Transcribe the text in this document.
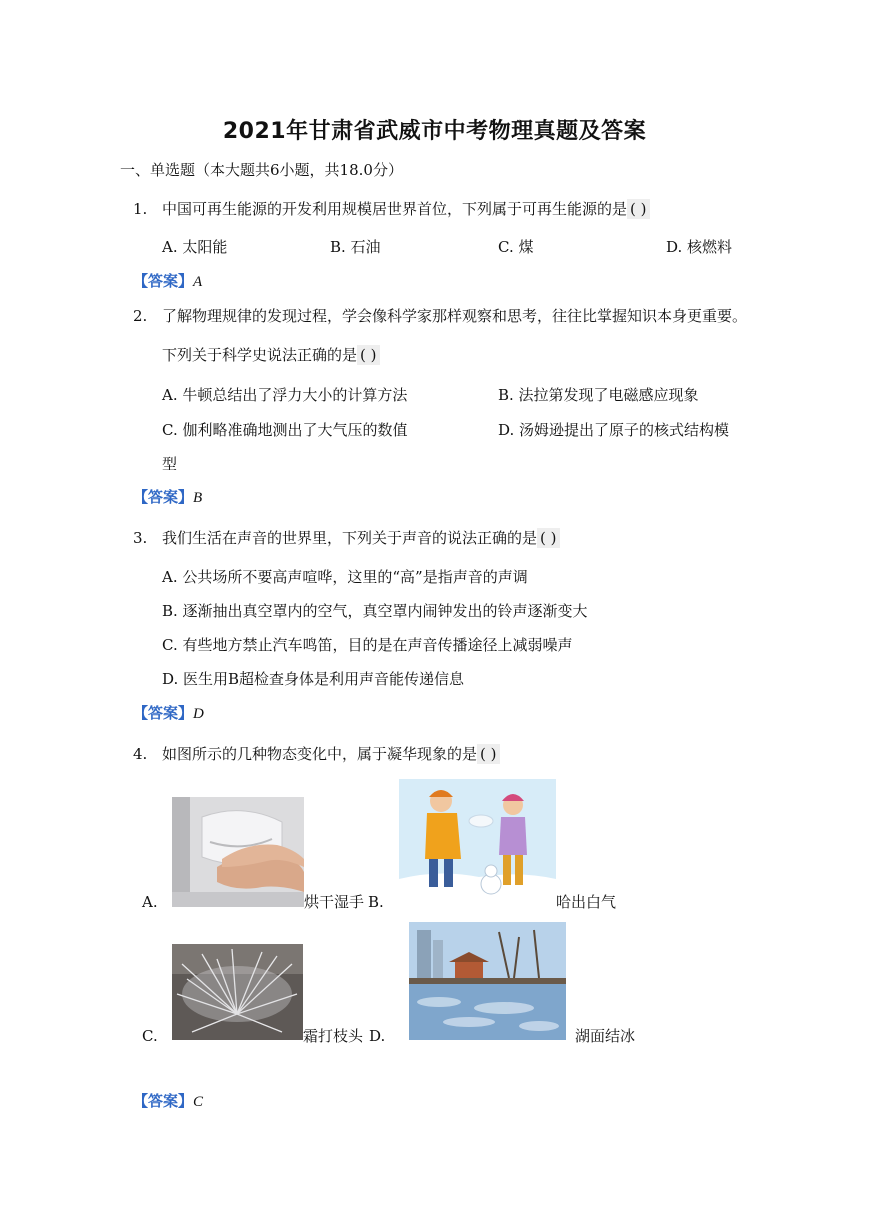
2021年甘肃省武威市中考物理真题及答案
一、单选题（本大题共6小题，共18.0分）
1. 中国可再生能源的开发利用规模居世界首位，下列属于可再生能源的是 ( )
A. 太阳能	B. 石油	C. 煤	D. 核燃料
【答案】A
2. 了解物理规律的发现过程，学会像科学家那样观察和思考，往往比掌握知识本身更重要。
下列关于科学史说法正确的是 ( )
A. 牛顿总结出了浮力大小的计算方法	B. 法拉第发现了电磁感应现象
C. 伽利略准确地测出了大气压的数值	D. 汤姆逊提出了原子的核式结构模
型
【答案】B
3. 我们生活在声音的世界里，下列关于声音的说法正确的是 ( )
A. 公共场所不要高声喧哗，这里的“高”是指声音的声调
B. 逐渐抽出真空罩内的空气，真空罩内闹钟发出的铃声逐渐变大
C. 有些地方禁止汽车鸣笛，目的是在声音传播途径上减弱噪声
D. 医生用B超检查身体是利用声音能传递信息
【答案】D
4. 如图所示的几种物态变化中，属于凝华现象的是 ( )
A.	烘干湿手 B.	哈出白气
C.	霜打枝头 D.	湖面结冰
【答案】C
